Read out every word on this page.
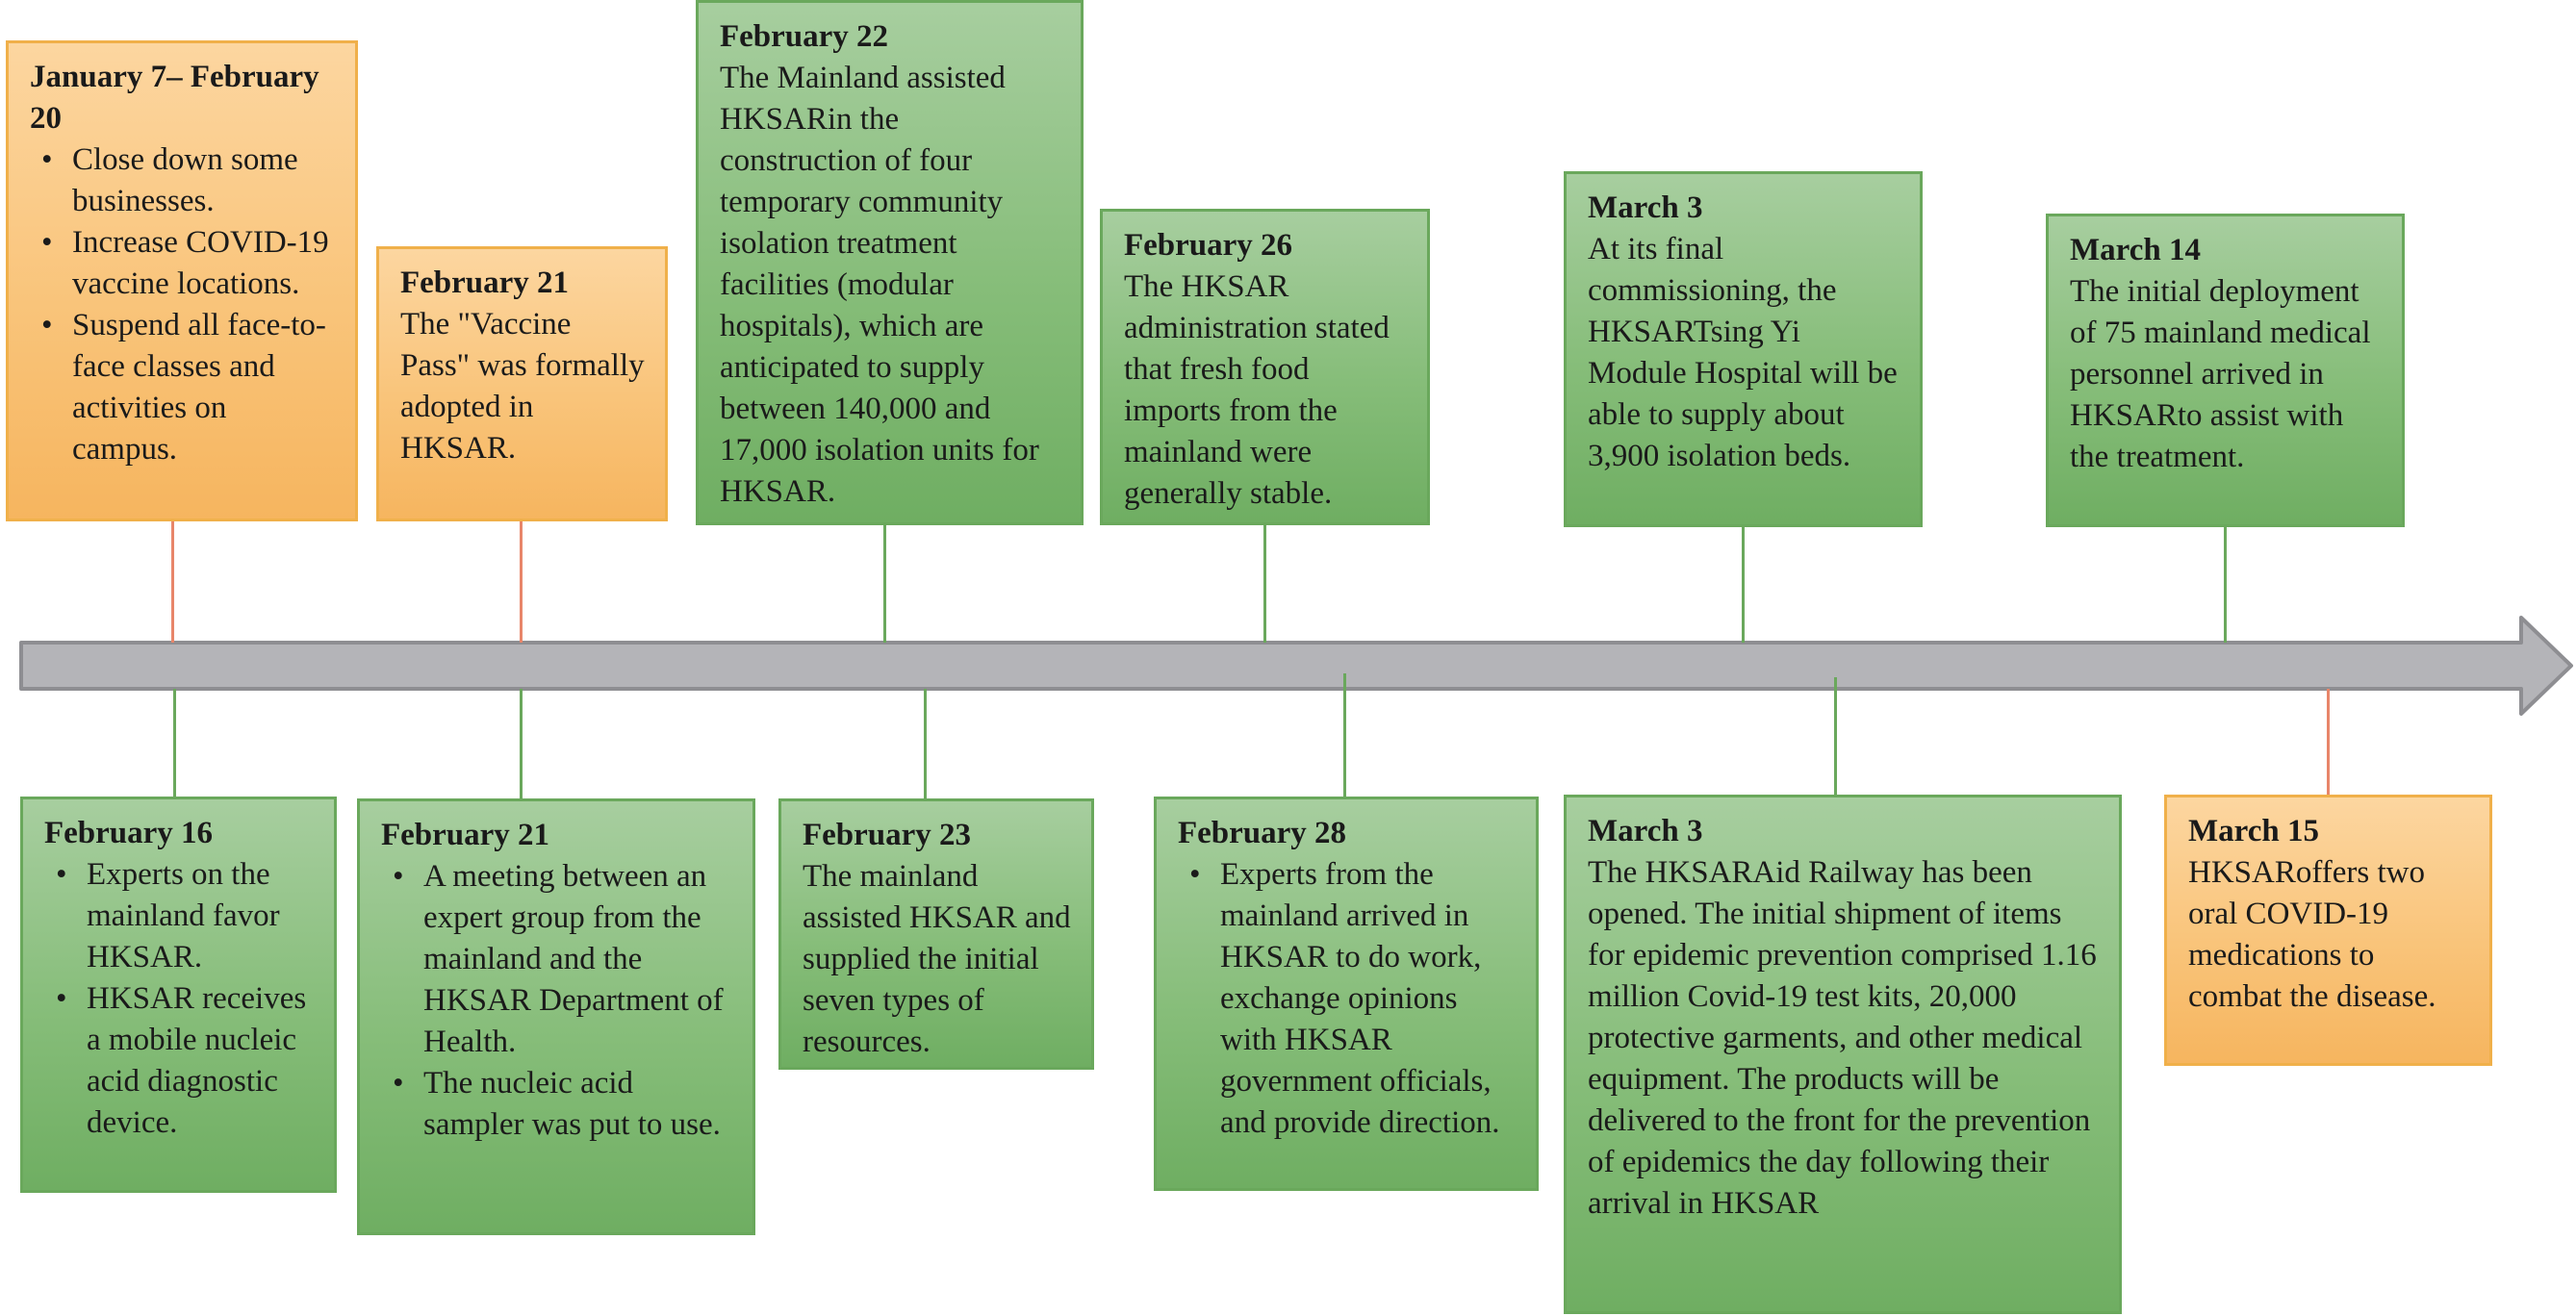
January 7– February 20
• Close down some businesses.
• Increase COVID-19 vaccine locations.
• Suspend all face-to-face classes and activities on campus.
February 21
The "Vaccine Pass" was formally adopted in HKSAR.
February 22
The Mainland assisted HKSARin the construction of four temporary community isolation treatment facilities (modular hospitals), which are anticipated to supply between 140,000 and 17,000 isolation units for HKSAR.
February 26
The HKSAR administration stated that fresh food imports from the mainland were generally stable.
March 3
At its final commissioning, the HKSARTsing Yi Module Hospital will be able to supply about 3,900 isolation beds.
March 14
The initial deployment of 75 mainland medical personnel arrived in HKSARto assist with the treatment.
February 16
• Experts on the mainland favor HKSAR.
• HKSAR receives a mobile nucleic acid diagnostic device.
February 21
• A meeting between an expert group from the mainland and the HKSAR Department of Health.
• The nucleic acid sampler was put to use.
February 23
The mainland assisted HKSAR and supplied the initial seven types of resources.
February 28
• Experts from the mainland arrived in HKSAR to do work, exchange opinions with HKSAR government officials, and provide direction.
March 3
The HKSARAid Railway has been opened. The initial shipment of items for epidemic prevention comprised 1.16 million Covid-19 test kits, 20,000 protective garments, and other medical equipment. The products will be delivered to the front for the prevention of epidemics the day following their arrival in HKSAR
March 15
HKSARoffers two oral COVID-19 medications to combat the disease.
